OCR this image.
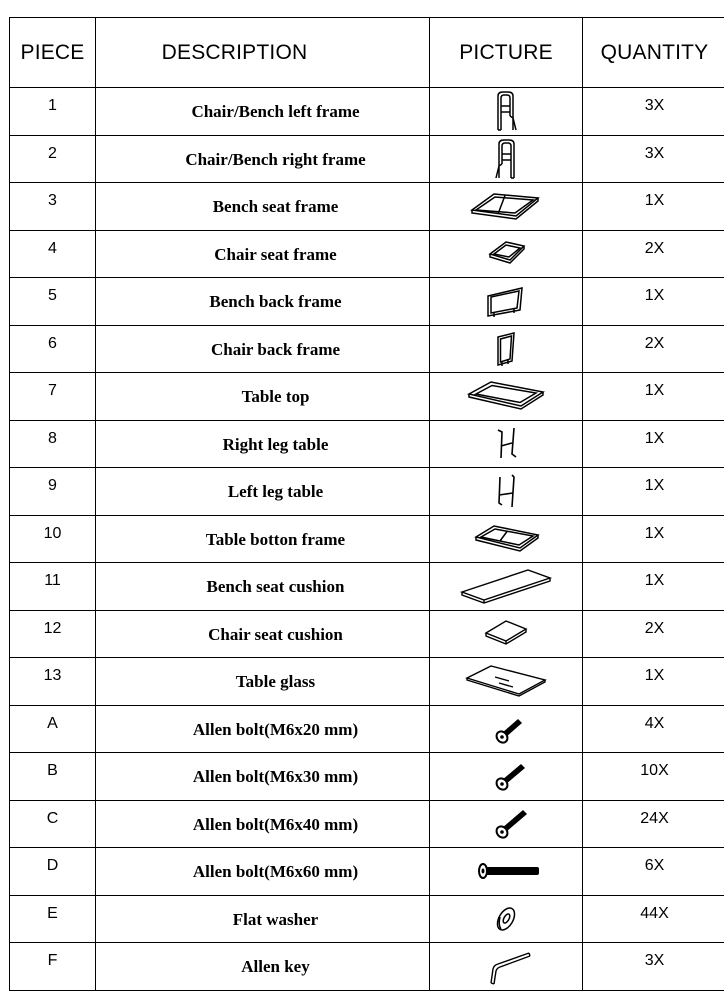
PIECE	DESCRIPTION	PICTURE	QUANTITY
1	Chair/Bench left frame		3X
2	Chair/Bench right frame		3X
3	Bench seat frame		1X
4	Chair seat frame		2X
5	Bench back frame		1X
6	Chair back frame		2X
7	Table top		1X
8	Right leg table		1X
9	Left leg table		1X
10	Table botton frame		1X
11	Bench seat cushion		1X
12	Chair seat cushion		2X
13	Table glass		1X
A	Allen bolt(M6x20 mm)		4X
B	Allen bolt(M6x30 mm)		10X
C	Allen bolt(M6x40 mm)		24X
D	Allen bolt(M6x60 mm)		6X
E	Flat washer		44X
F	Allen key		3X
